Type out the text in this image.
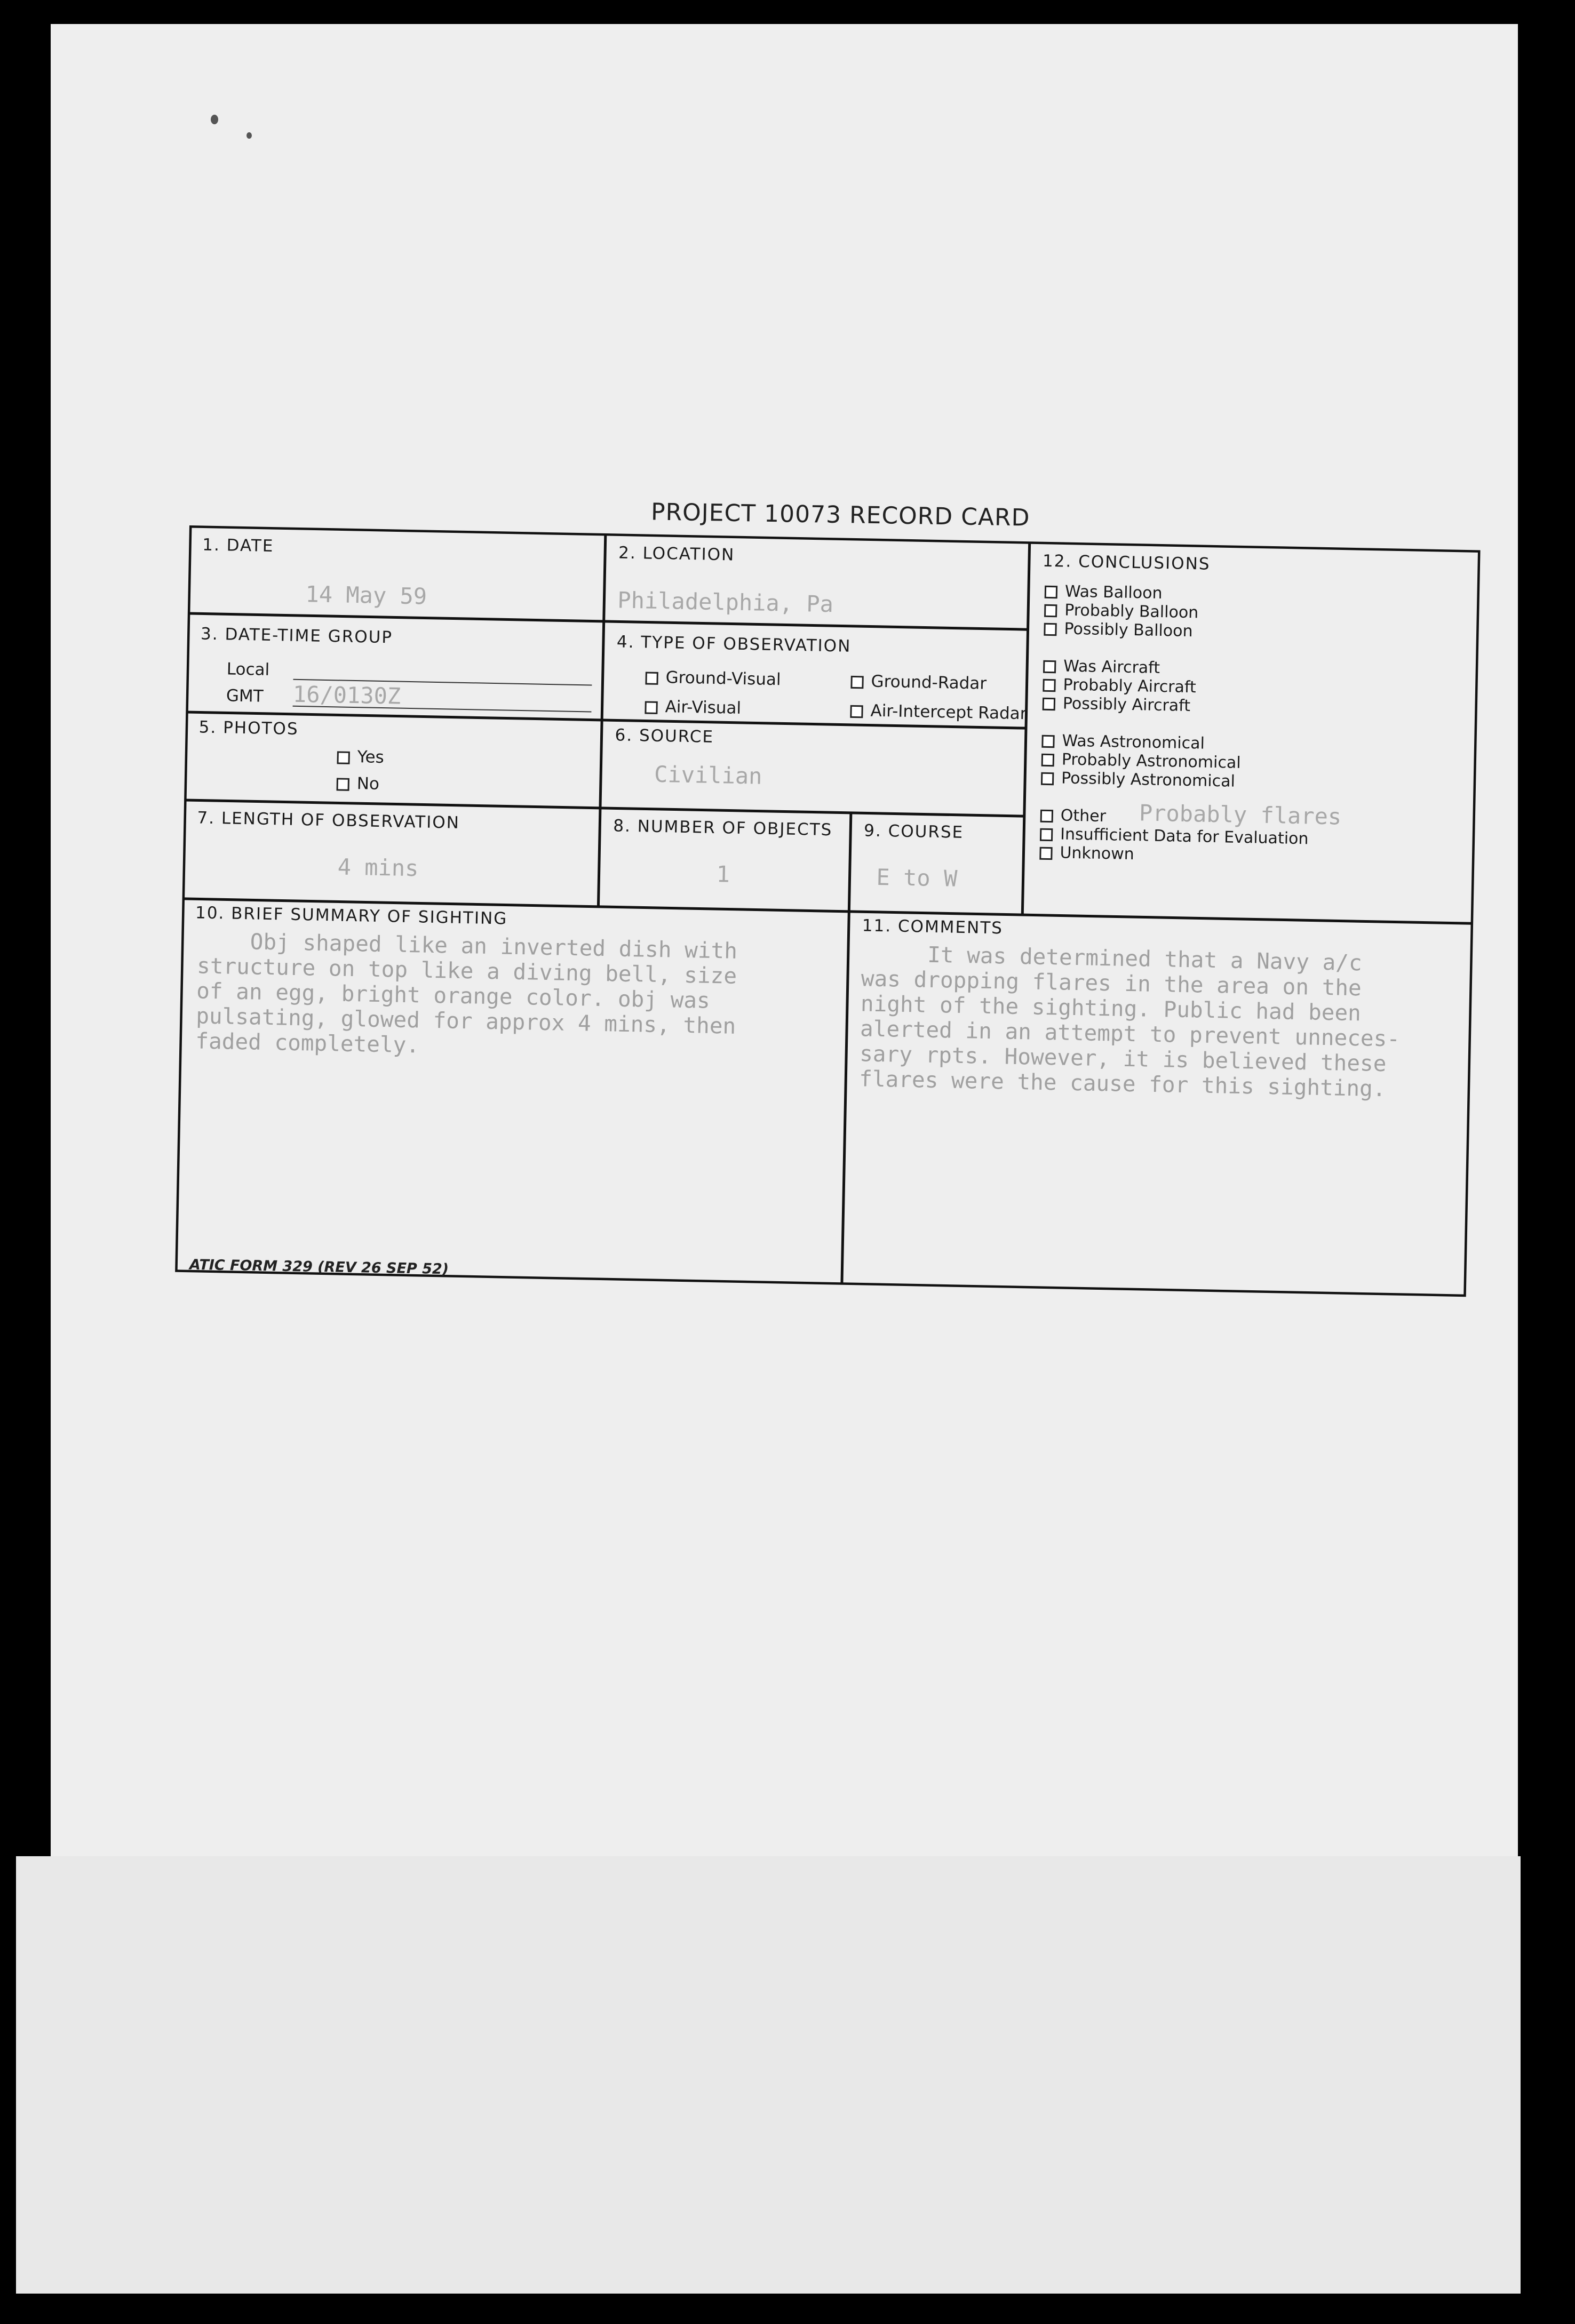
PROJECT 10073 RECORD CARD
1. DATE
14 May 59
2. LOCATION
Philadelphia, Pa
3. DATE-TIME GROUP
Local
GMT 16/0130Z
4. TYPE OF OBSERVATION
Ground-Visual	Ground-Radar
Air-Visual	Air-Intercept Radar
5. PHOTOS
Yes
No
6. SOURCE
Civilian
7. LENGTH OF OBSERVATION
4 mins
8. NUMBER OF OBJECTS
1
9. COURSE
E to W
10. BRIEF SUMMARY OF SIGHTING
Obj shaped like an inverted dish with
structure on top like a diving bell, size
of an egg, bright orange color. obj was
pulsating, glowed for approx 4 mins, then
faded completely.
11. COMMENTS
It was determined that a Navy a/c
was dropping flares in the area on the
night of the sighting. Public had been
alerted in an attempt to prevent unneces-
sary rpts. However, it is believed these
flares were the cause for this sighting.
12. CONCLUSIONS
Was Balloon
Probably Balloon
Possibly Balloon
Was Aircraft
Probably Aircraft
Possibly Aircraft
Was Astronomical
Probably Astronomical
Possibly Astronomical
Other Probably flares
Insufficient Data for Evaluation
Unknown
ATIC FORM 329 (REV 26 SEP 52)
